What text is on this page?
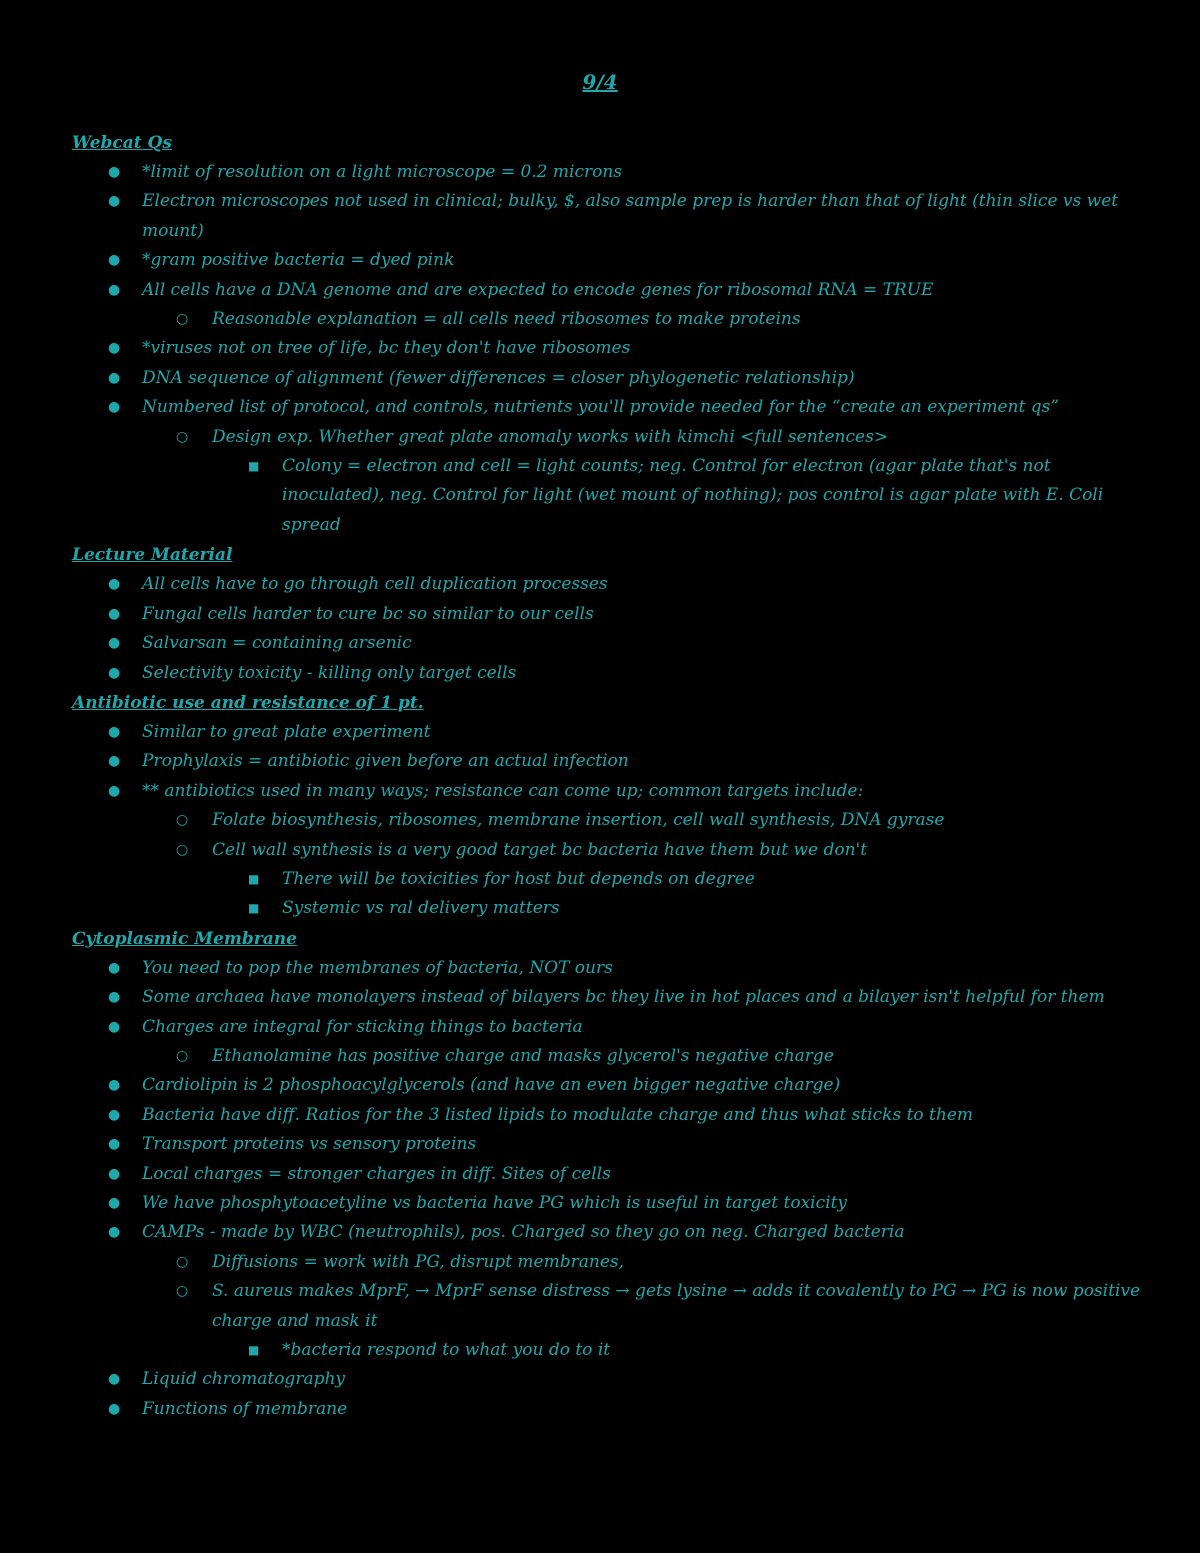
9/4
Webcat Qs
● *limit of resolution on a light microscope = 0.2 microns
● Electron microscopes not used in clinical; bulky, $, also sample prep is harder than that of light (thin slice vs wet mount)
● *gram positive bacteria = dyed pink
● All cells have a DNA genome and are expected to encode genes for ribosomal RNA = TRUE
○ Reasonable explanation = all cells need ribosomes to make proteins
● *viruses not on tree of life, bc they don't have ribosomes
● DNA sequence of alignment (fewer differences = closer phylogenetic relationship)
● Numbered list of protocol, and controls, nutrients you'll provide needed for the “create an experiment qs”
○ Design exp. Whether great plate anomaly works with kimchi <full sentences>
■ Colony = electron and cell = light counts; neg. Control for electron (agar plate that's not inoculated), neg. Control for light (wet mount of nothing); pos control is agar plate with E. Coli spread
Lecture Material
● All cells have to go through cell duplication processes
● Fungal cells harder to cure bc so similar to our cells
● Salvarsan = containing arsenic
● Selectivity toxicity - killing only target cells
Antibiotic use and resistance of 1 pt.
● Similar to great plate experiment
● Prophylaxis = antibiotic given before an actual infection
● ** antibiotics used in many ways; resistance can come up; common targets include:
○ Folate biosynthesis, ribosomes, membrane insertion, cell wall synthesis, DNA gyrase
○ Cell wall synthesis is a very good target bc bacteria have them but we don't
■ There will be toxicities for host but depends on degree
■ Systemic vs ral delivery matters
Cytoplasmic Membrane
● You need to pop the membranes of bacteria, NOT ours
● Some archaea have monolayers instead of bilayers bc they live in hot places and a bilayer isn't helpful for them
● Charges are integral for sticking things to bacteria
○ Ethanolamine has positive charge and masks glycerol's negative charge
● Cardiolipin is 2 phosphoacylglycerols (and have an even bigger negative charge)
● Bacteria have diff. Ratios for the 3 listed lipids to modulate charge and thus what sticks to them
● Transport proteins vs sensory proteins
● Local charges = stronger charges in diff. Sites of cells
● We have phosphytoacetyline vs bacteria have PG which is useful in target toxicity
● CAMPs - made by WBC (neutrophils), pos. Charged so they go on neg. Charged bacteria
○ Diffusions = work with PG, disrupt membranes,
○ S. aureus makes MprF, → MprF sense distress → gets lysine → adds it covalently to PG → PG is now positive charge and mask it
■ *bacteria respond to what you do to it
● Liquid chromatography
● Functions of membrane
